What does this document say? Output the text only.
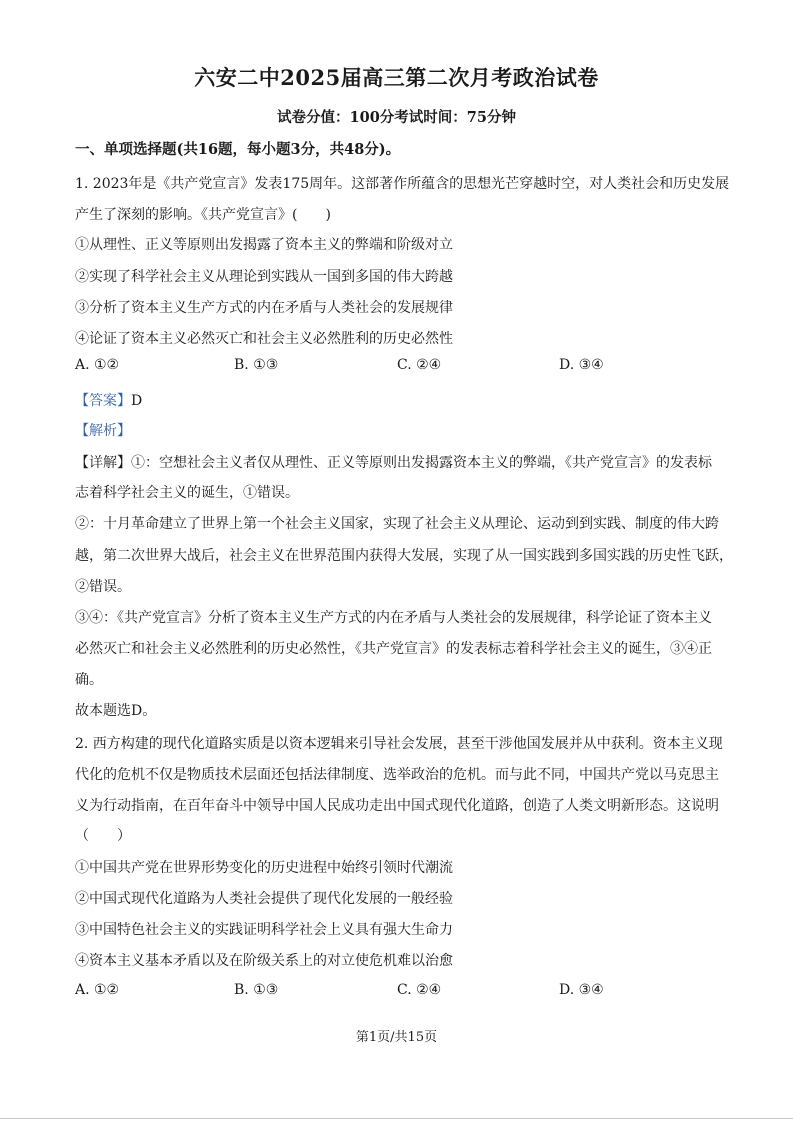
六安二中2025届高三第二次月考政治试卷
试卷分值：100分考试时间：75分钟
一、单项选择题(共16题，每小题3分，共48分)。
1. 2023年是《共产党宣言》发表175周年。这部著作所蕴含的思想光芒穿越时空，对人类社会和历史发展
产生了深刻的影响。《共产党宣言》(　　)
①从理性、正义等原则出发揭露了资本主义的弊端和阶级对立
②实现了科学社会主义从理论到实践从一国到多国的伟大跨越
③分析了资本主义生产方式的内在矛盾与人类社会的发展规律
④论证了资本主义必然灭亡和社会主义必然胜利的历史必然性
A. ①②	B. ①③	C. ②④	D. ③④
【答案】D
【解析】
【详解】①：空想社会主义者仅从理性、正义等原则出发揭露资本主义的弊端，《共产党宣言》的发表标
志着科学社会主义的诞生，①错误。
②：十月革命建立了世界上第一个社会主义国家，实现了社会主义从理论、运动到到实践、制度的伟大跨
越，第二次世界大战后，社会主义在世界范围内获得大发展，实现了从一国实践到多国实践的历史性飞跃，
②错误。
③④：《共产党宣言》分析了资本主义生产方式的内在矛盾与人类社会的发展规律，科学论证了资本主义
必然灭亡和社会主义必然胜利的历史必然性，《共产党宣言》的发表标志着科学社会主义的诞生，③④正
确。
故本题选D。
2. 西方构建的现代化道路实质是以资本逻辑来引导社会发展，甚至干涉他国发展并从中获利。资本主义现
代化的危机不仅是物质技术层面还包括法律制度、选举政治的危机。而与此不同，中国共产党以马克思主
义为行动指南，在百年奋斗中领导中国人民成功走出中国式现代化道路，创造了人类文明新形态。这说明
（　　）
①中国共产党在世界形势变化的历史进程中始终引领时代潮流
②中国式现代化道路为人类社会提供了现代化发展的一般经验
③中国特色社会主义的实践证明科学社会上义具有强大生命力
④资本主义基本矛盾以及在阶级关系上的对立使危机难以治愈
A. ①②	B. ①③	C. ②④	D. ③④
第1页/共15页
